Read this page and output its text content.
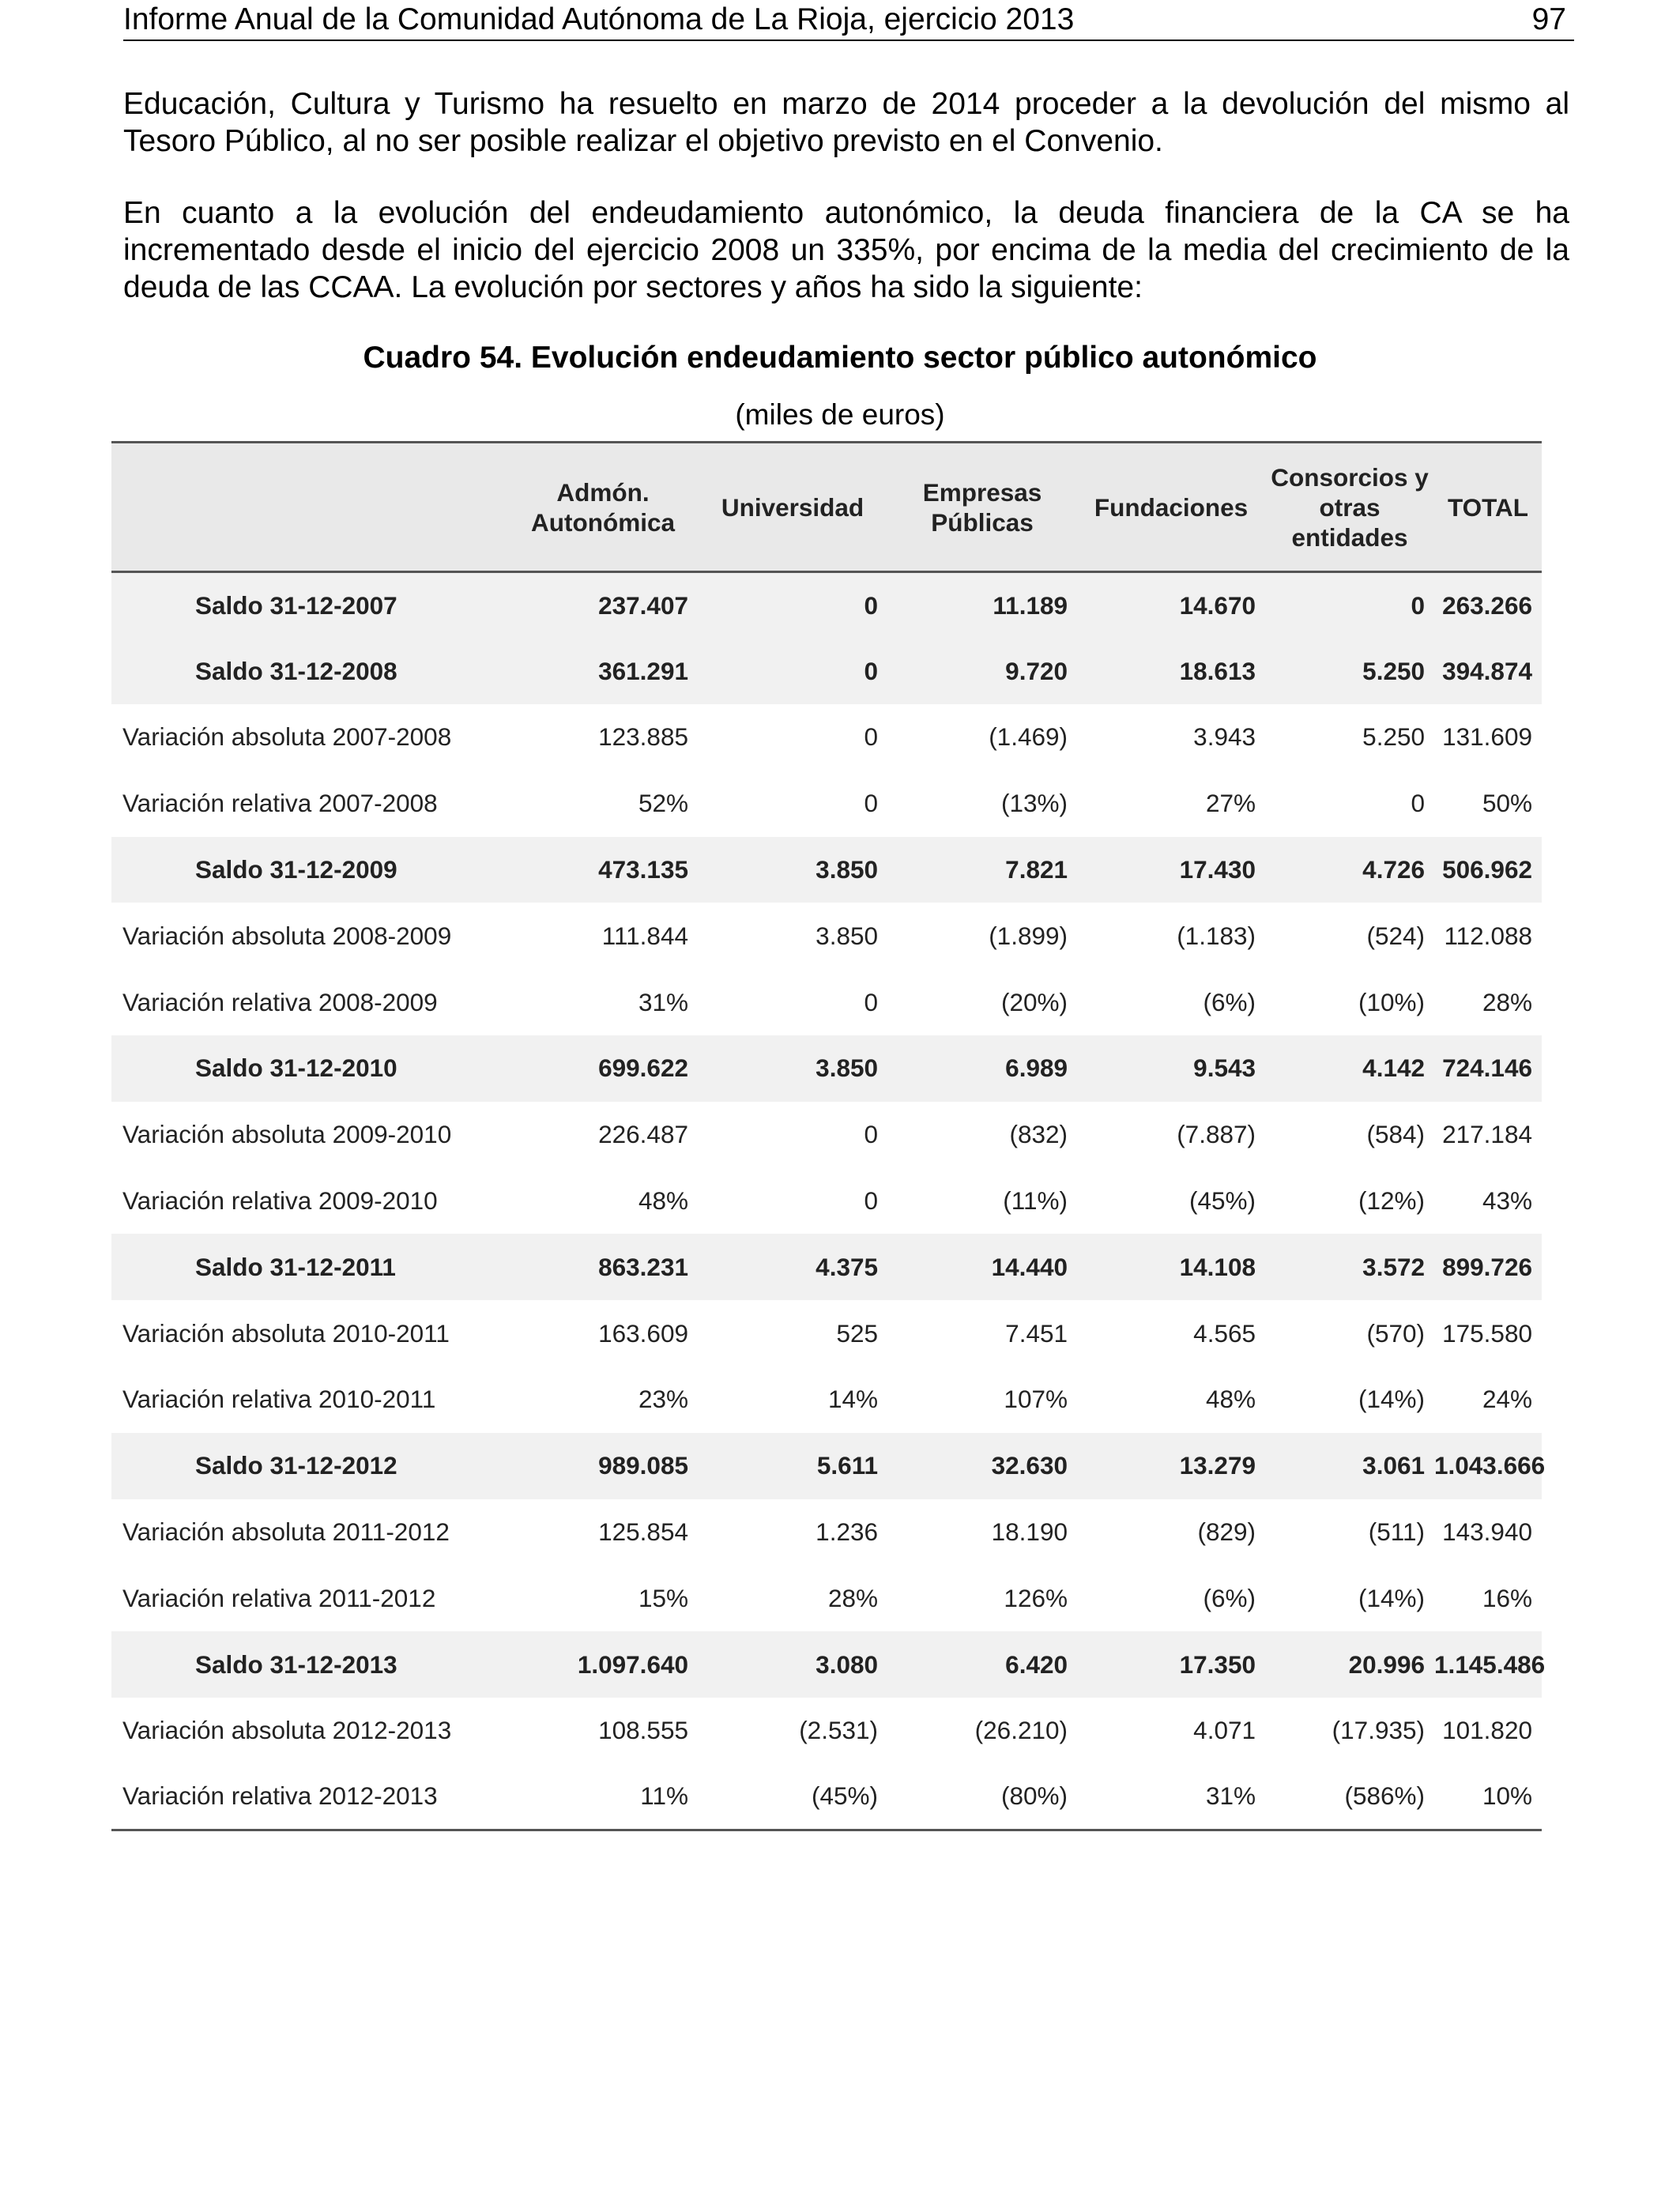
Informe Anual de la Comunidad Autónoma de La Rioja, ejercicio 2013	97

Educación, Cultura y Turismo ha resuelto en marzo de 2014 proceder a la devolución del mismo al Tesoro Público, al no ser posible realizar el objetivo previsto en el Convenio.

En cuanto a la evolución del endeudamiento autonómico, la deuda financiera de la CA se ha incrementado desde el inicio del ejercicio 2008 un 335%, por encima de la media del crecimiento de la deuda de las CCAA. La evolución por sectores y años ha sido la siguiente:

Cuadro 54. Evolución endeudamiento sector público autonómico
(miles de euros)
	Admón. Autonómica	Universidad	Empresas Públicas	Fundaciones	Consorcios y otras entidades	TOTAL
Saldo 31-12-2007	237.407	0	11.189	14.670	0	263.266
Saldo 31-12-2008	361.291	0	9.720	18.613	5.250	394.874
Variación absoluta 2007-2008	123.885	0	(1.469)	3.943	5.250	131.609
Variación relativa 2007-2008	52%	0	(13%)	27%	0	50%
Saldo 31-12-2009	473.135	3.850	7.821	17.430	4.726	506.962
Variación absoluta 2008-2009	111.844	3.850	(1.899)	(1.183)	(524)	112.088
Variación relativa 2008-2009	31%	0	(20%)	(6%)	(10%)	28%
Saldo 31-12-2010	699.622	3.850	6.989	9.543	4.142	724.146
Variación absoluta 2009-2010	226.487	0	(832)	(7.887)	(584)	217.184
Variación relativa 2009-2010	48%	0	(11%)	(45%)	(12%)	43%
Saldo 31-12-2011	863.231	4.375	14.440	14.108	3.572	899.726
Variación absoluta 2010-2011	163.609	525	7.451	4.565	(570)	175.580
Variación relativa 2010-2011	23%	14%	107%	48%	(14%)	24%
Saldo 31-12-2012	989.085	5.611	32.630	13.279	3.061	1.043.666
Variación absoluta 2011-2012	125.854	1.236	18.190	(829)	(511)	143.940
Variación relativa 2011-2012	15%	28%	126%	(6%)	(14%)	16%
Saldo 31-12-2013	1.097.640	3.080	6.420	17.350	20.996	1.145.486
Variación absoluta 2012-2013	108.555	(2.531)	(26.210)	4.071	(17.935)	101.820
Variación relativa 2012-2013	11%	(45%)	(80%)	31%	(586%)	10%
